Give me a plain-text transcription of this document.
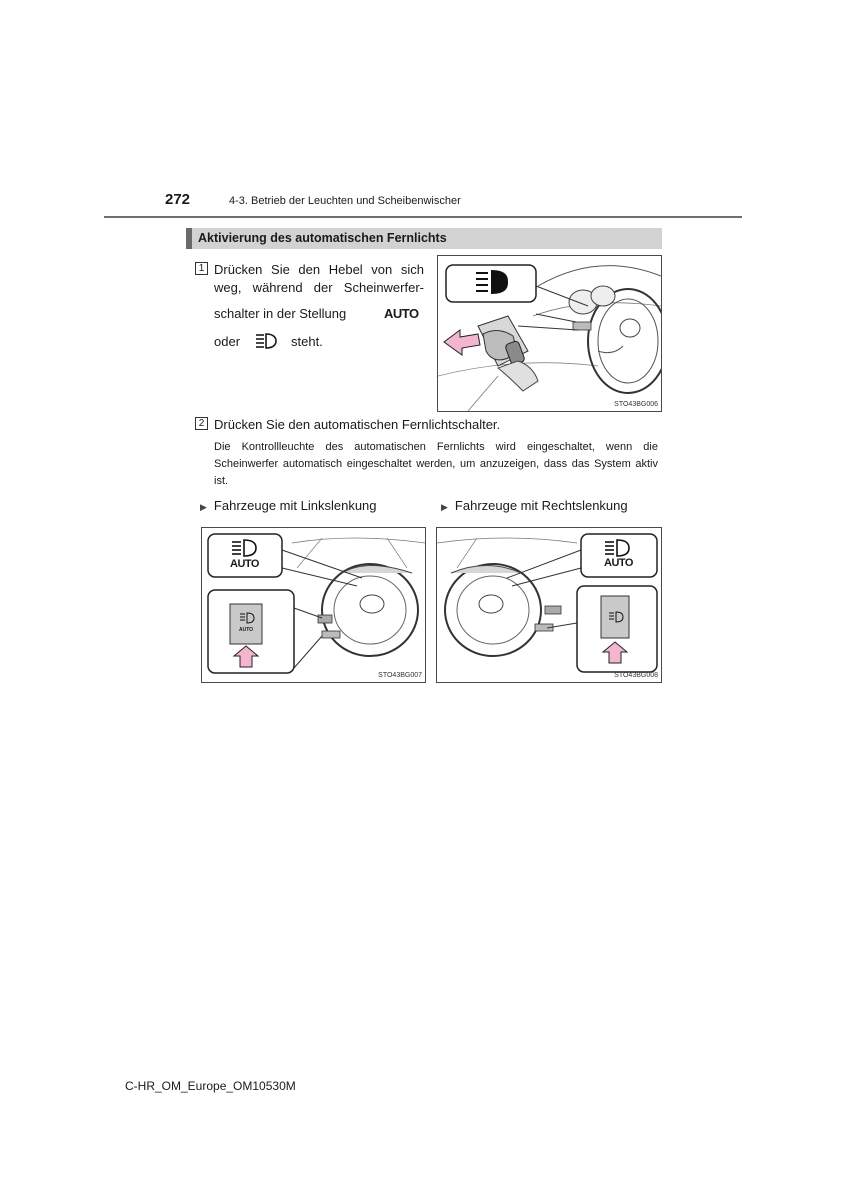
272	4-3. Betrieb der Leuchten und Scheibenwischer
Aktivierung des automatischen Fernlichts
1 Drücken Sie den Hebel von sich
weg, während der Scheinwerfer-
schalter in der Stellung	AUTO
oder	steht.
STO43BG006
2 Drücken Sie den automatischen Fernlichtschalter.
Die Kontrollleuchte des automatischen Fernlichts wird eingeschaltet, wenn die Scheinwerfer automatisch eingeschaltet werden, um anzuzeigen, dass das System aktiv ist.
▶ Fahrzeuge mit Linkslenkung	▶ Fahrzeuge mit Rechtslenkung
AUTO
AUTO
STO43BG007
AUTO
STO43BG008
C-HR_OM_Europe_OM10530M
